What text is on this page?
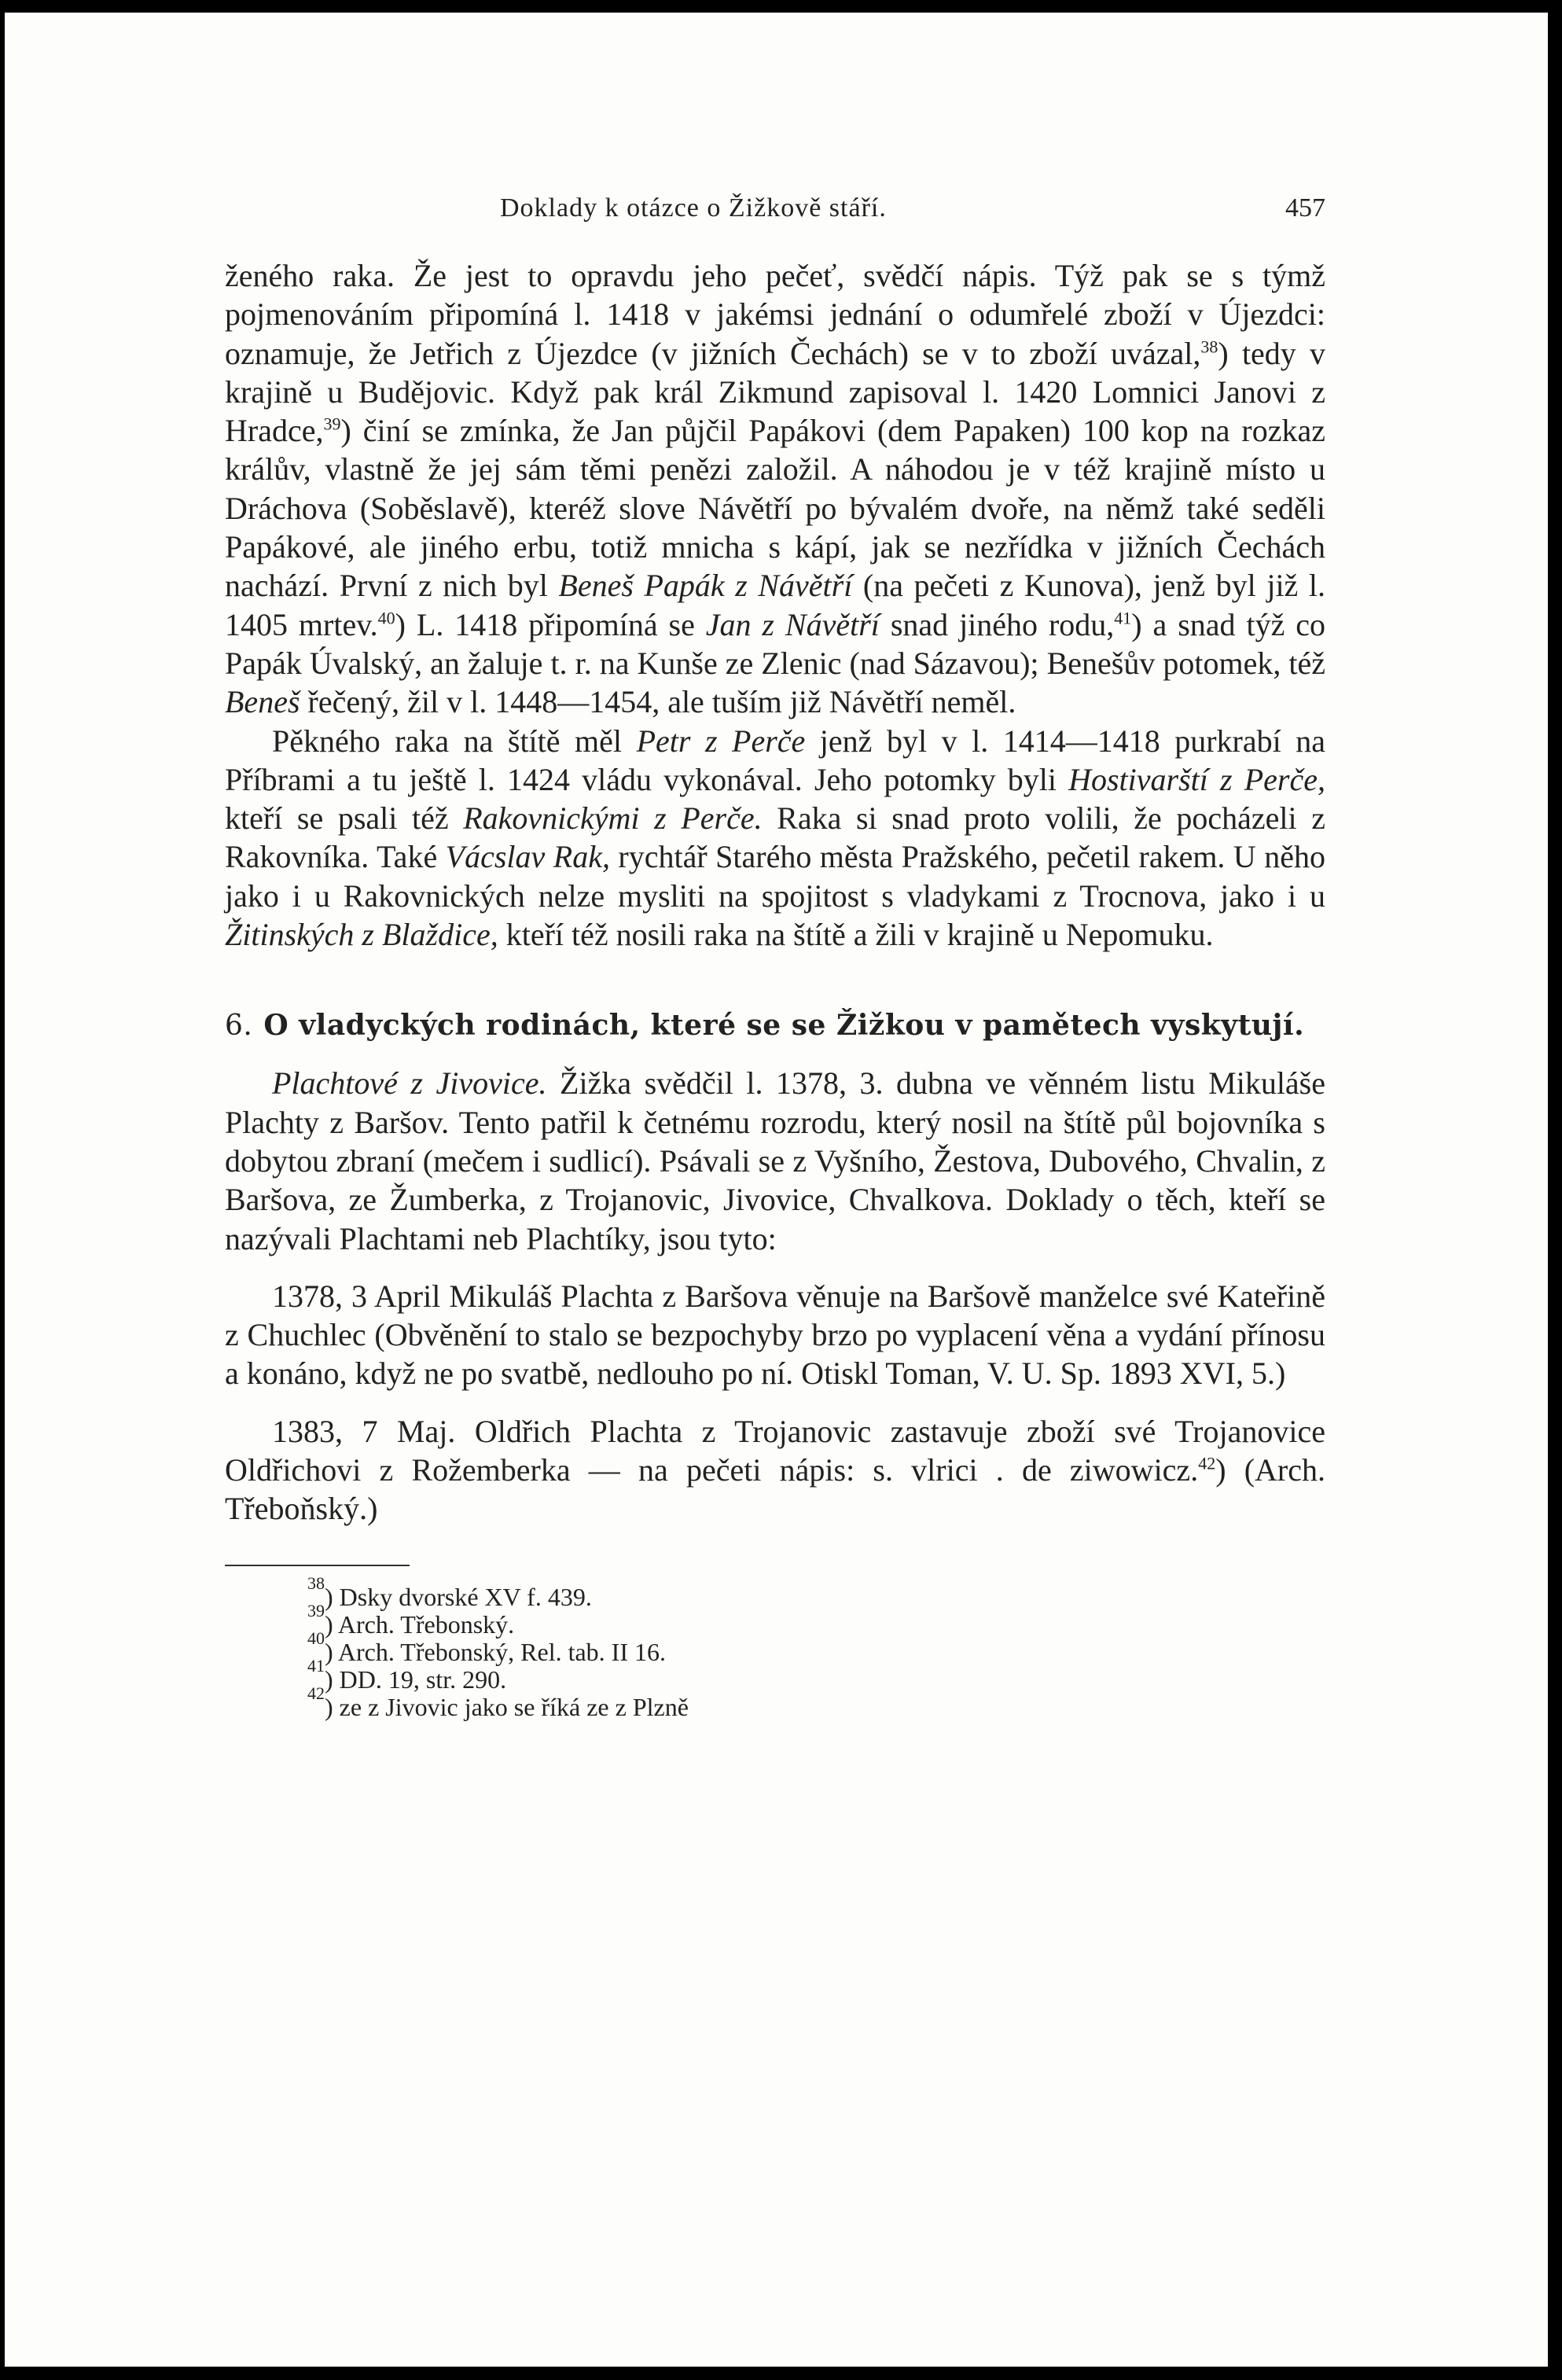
Doklady k otázce o Žižkově stáří.	457

ženého raka. Že jest to opravdu jeho pečeť, svědčí nápis. Týž pak se s týmž pojmenováním připomíná l. 1418 v jakémsi jednání o odumřelé zboží v Újezdci: oznamuje, že Jetřich z Újezdce (v jižních Čechách) se v to zboží uvázal,$^{38}$) tedy v krajině u Budějovic. Když pak král Zikmund zapisoval l. 1420 Lomnici Janovi z Hradce,$^{39}$) činí se zmínka, že Jan půjčil Papákovi (dem Papaken) 100 kop na rozkaz králův, vlastně že jej sám těmi penězi založil. A náhodou je v též krajině místo u Dráchova (Soběslavě), kteréž slove Návětří po bývalém dvoře, na němž také seděli Papákové, ale jiného erbu, totiž mnicha s kápí, jak se nezřídka v jižních Čechách nachází. První z nich byl Beneš Papák z Návětří (na pečeti z Kunova), jenž byl již l. 1405 mrtev.$^{40}$) L. 1418 připomíná se Jan z Návětří snad jiného rodu,$^{41}$) a snad týž co Papák Úvalský, an žaluje t. r. na Kunše ze Zlenic (nad Sázavou); Benešův potomek, též Beneš řečený, žil v l. 1448—1454, ale tuším již Návětří neměl.

Pěkného raka na štítě měl Petr z Perče jenž byl v l. 1414—1418 purkrabí na Příbrami a tu ještě l. 1424 vládu vykonával. Jeho potomky byli Hostivarští z Perče, kteří se psali též Rakovnickými z Perče. Raka si snad proto volili, že pocházeli z Rakovníka. Také Vácslav Rak, rychtář Starého města Pražského, pečetil rakem. U něho jako i u Rakovnických nelze mysliti na spojitost s vladykami z Trocnova, jako i u Žitinských z Blaždice, kteří též nosili raka na štítě a žili v krajině u Nepomuku.

6. O vladyckých rodinách, které se se Žižkou v pamětech vyskytují.

Plachtové z Jivovice. Žižka svědčil l. 1378, 3. dubna ve věnném listu Mikuláše Plachty z Baršov. Tento patřil k četnému rozrodu, který nosil na štítě půl bojovníka s dobytou zbraní (mečem i sudlicí). Psávali se z Vyšního, Žestova, Dubového, Chvalin, z Baršova, ze Žumberka, z Trojanovic, Jivovice, Chvalkova. Doklady o těch, kteří se nazývali Plachtami neb Plachtíky, jsou tyto:

1378, 3 April Mikuláš Plachta z Baršova věnuje na Baršově manželce své Kateřině z Chuchlec (Obvěnění to stalo se bezpochyby brzo po vyplacení věna a vydání přínosu a konáno, když ne po svatbě, nedlouho po ní. Otiskl Toman, V. U. Sp. 1893 XVI, 5.)

1383, 7 Maj. Oldřich Plachta z Trojanovic zastavuje zboží své Trojanovice Oldřichovi z Rožemberka — na pečeti nápis: s. vlrici . de ziwowicz.$^{42}$) (Arch. Třeboňský.)

38 ) Dsky dvorské XV f. 439.
39 ) Arch. Třebonský.
40 ) Arch. Třebonský, Rel. tab. II 16.
41 ) DD. 19, str. 290.
42 ) ze z Jivovic jako se říká ze z Plzně
